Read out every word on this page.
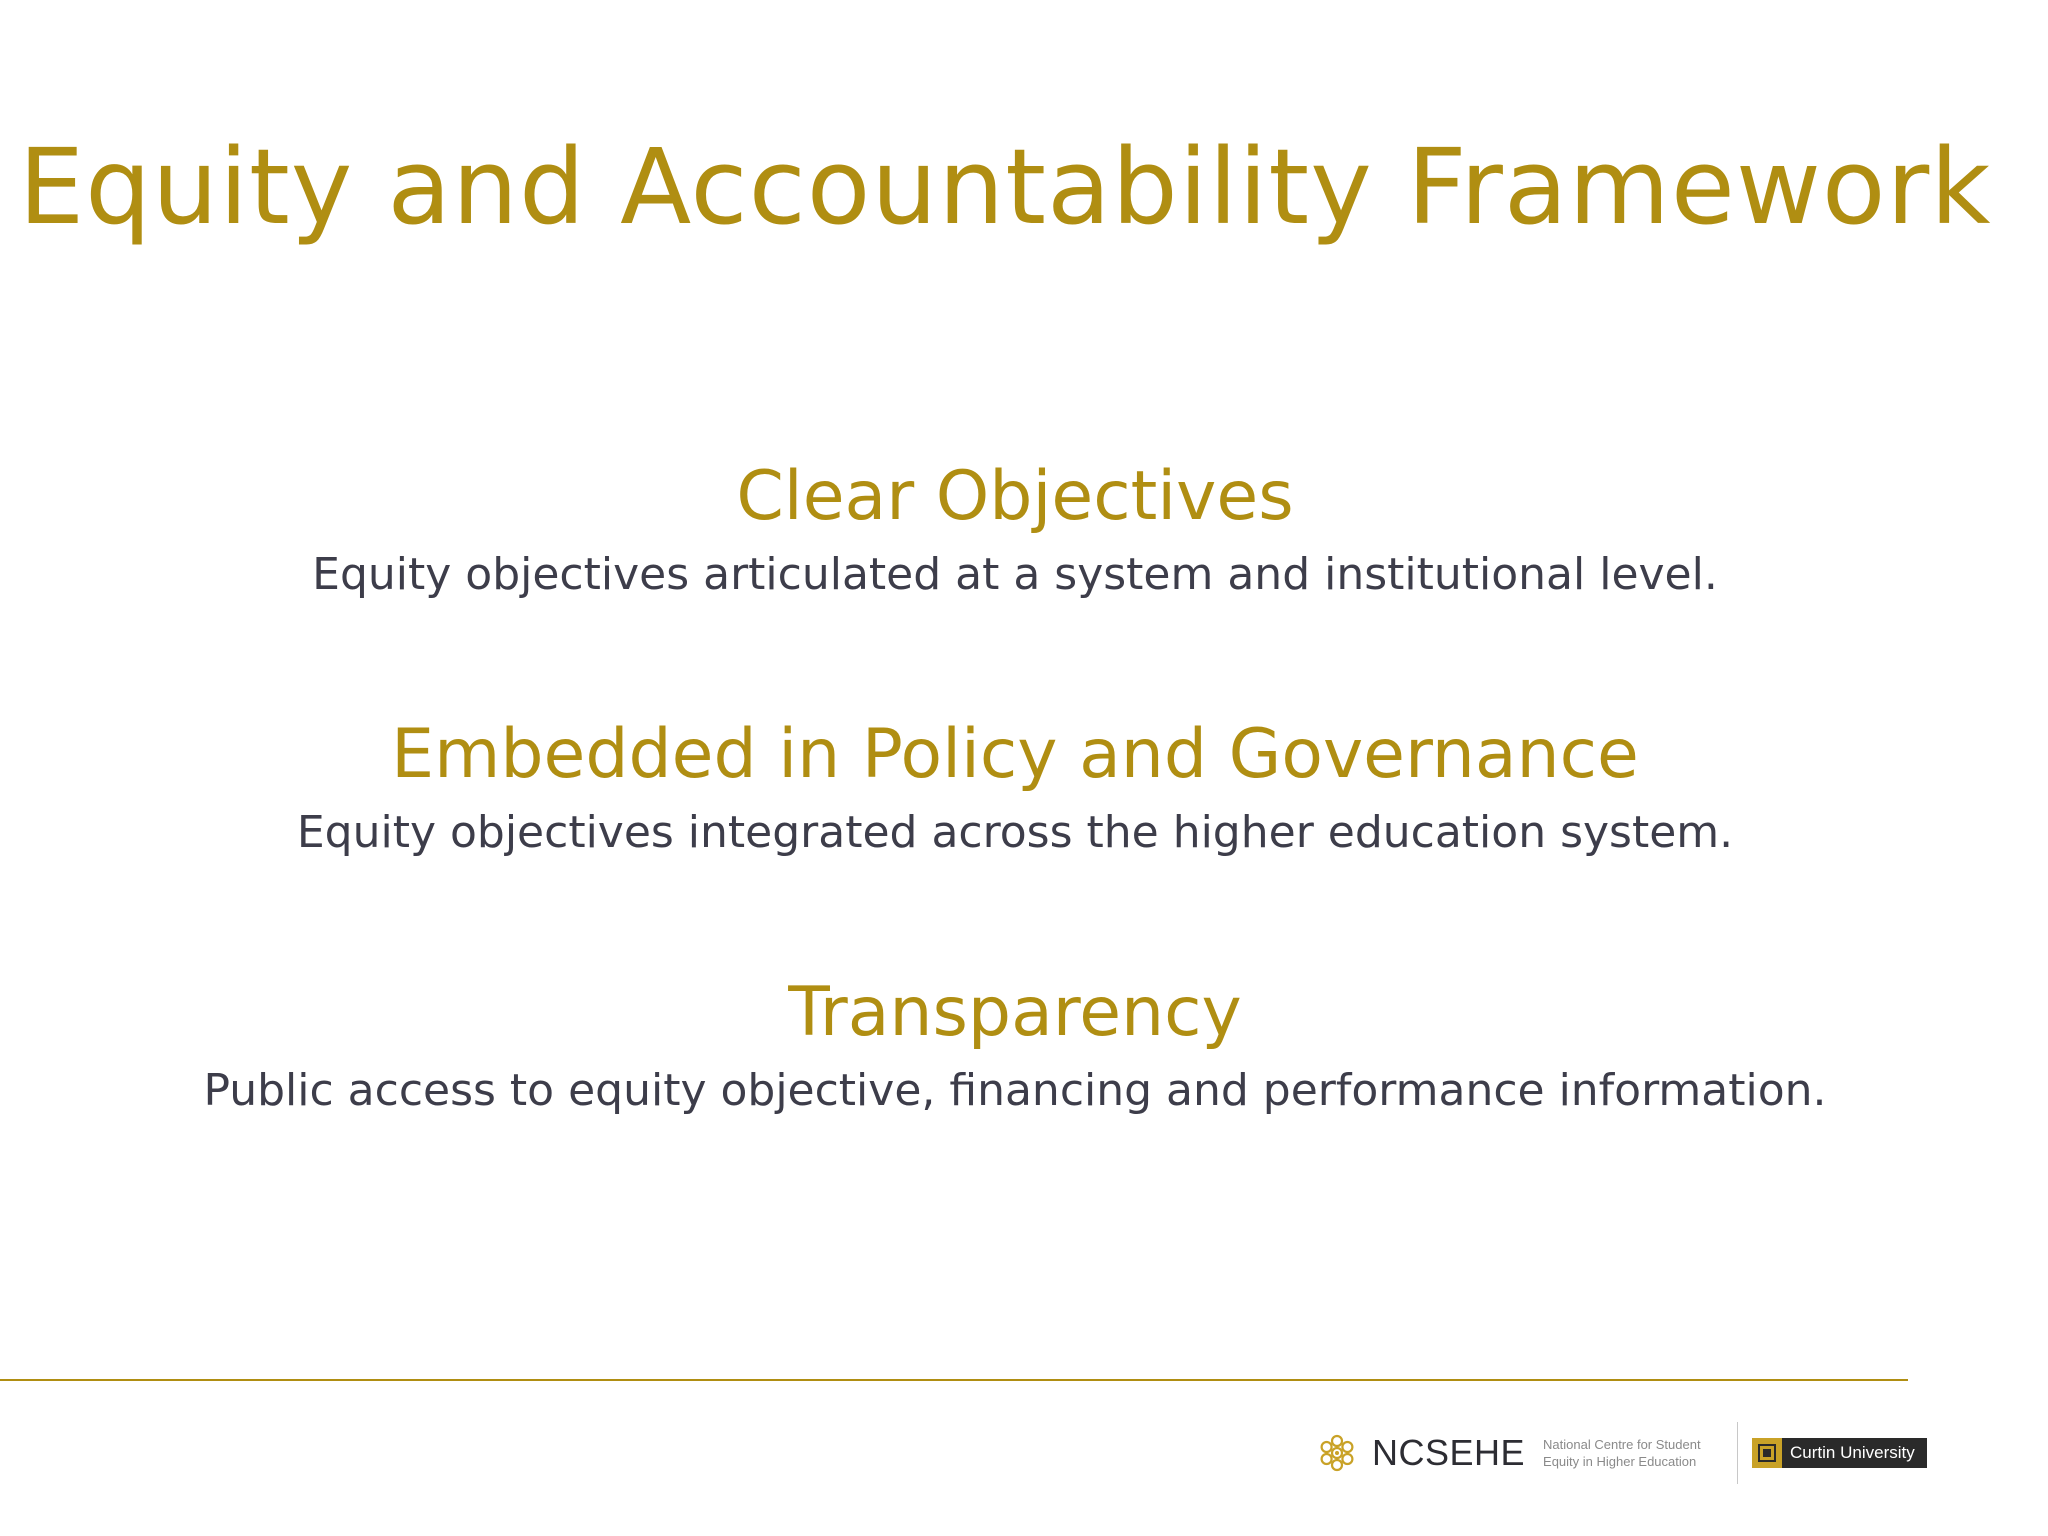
Equity and Accountability Framework
Clear Objectives
Equity objectives articulated at a system and institutional level.
Embedded in Policy and Governance
Equity objectives integrated across the higher education system.
Transparency
Public access to equity objective, financing and performance information.
NCSEHE National Centre for Student
Equity in Higher Education	Curtin University
